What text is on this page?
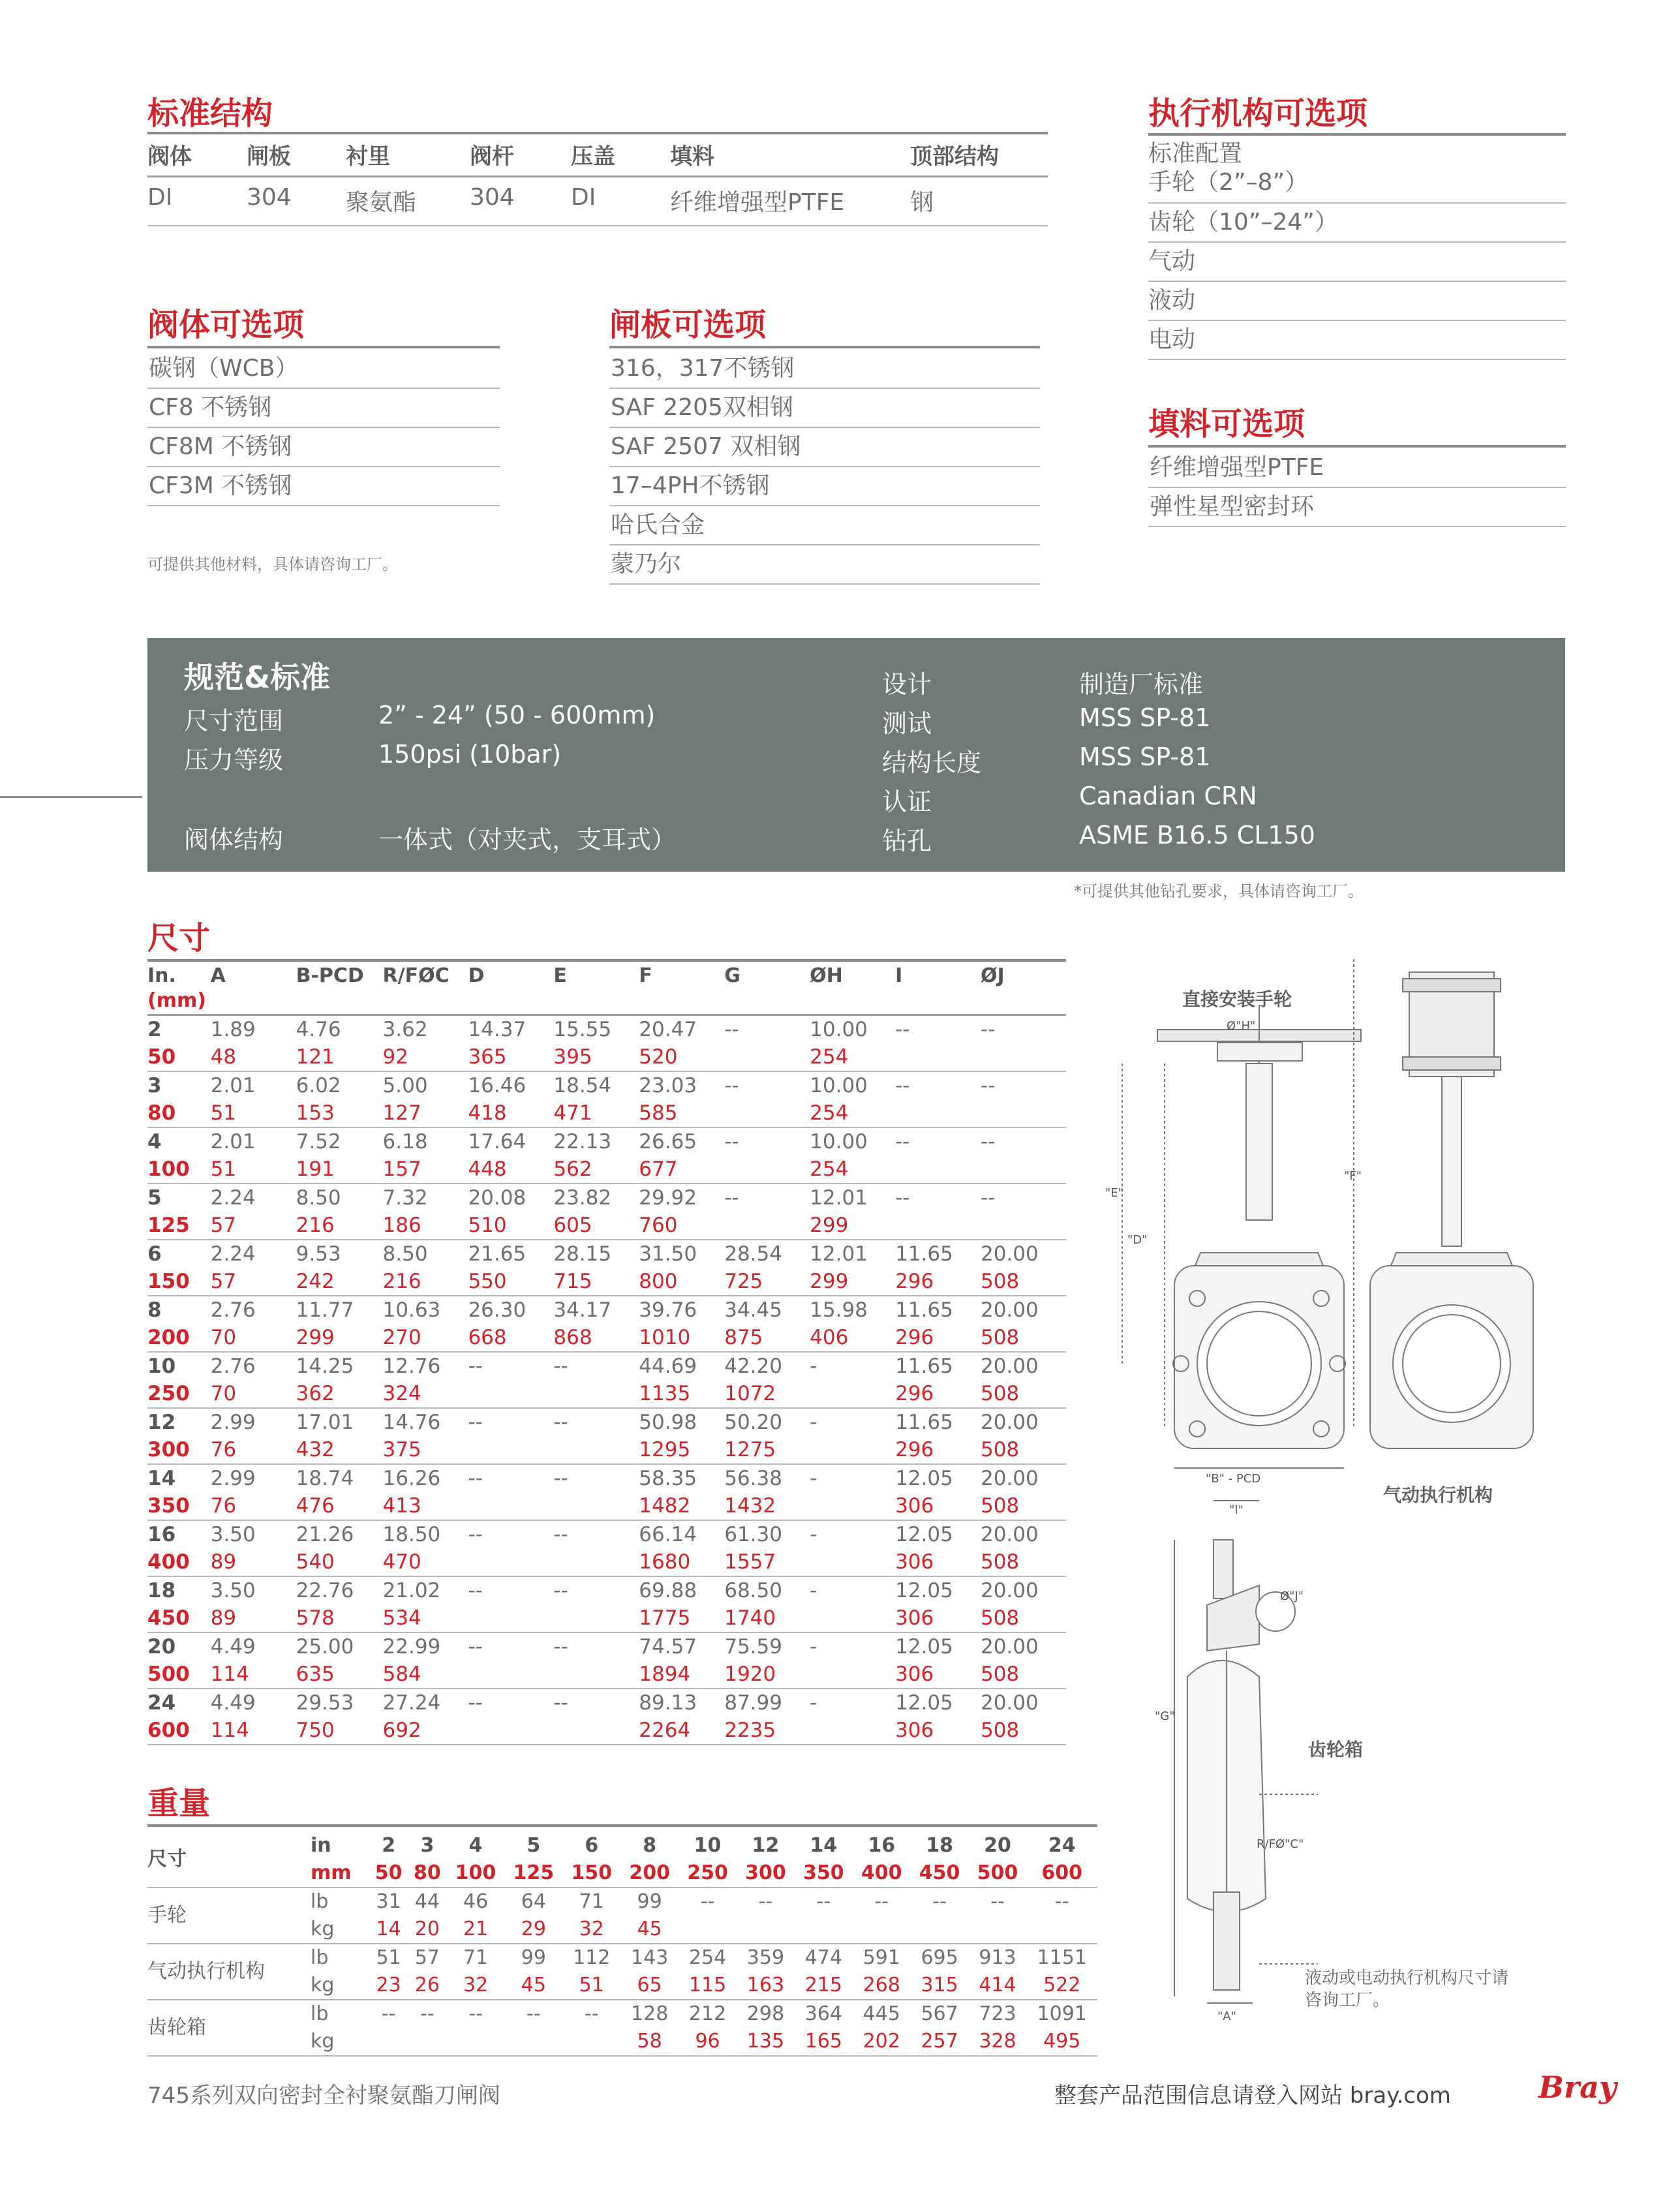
标准结构
阀体	闸板	衬里	阀杆	压盖	填料	顶部结构
DI	304	聚氨酯	304	DI	纤维增强型PTFE	钢
执行机构可选项
标准配置
手轮（2”–8”）
齿轮（10”–24”）
气动
液动
电动
填料可选项
纤维增强型PTFE
弹性星型密封环
阀体可选项
碳钢（WCB）
CF8 不锈钢
CF8M 不锈钢
CF3M 不锈钢
可提供其他材料，具体请咨询工厂。
闸板可选项
316，317不锈钢
SAF 2205双相钢
SAF 2507 双相钢
17–4PH不锈钢
哈氏合金
蒙乃尔
规范&标准
尺寸范围	2” - 24” (50 - 600mm)
压力等级	150psi (10bar)
阀体结构	一体式（对夹式，支耳式）
设计	制造厂标准
测试	MSS SP-81
结构长度	MSS SP-81
认证	Canadian CRN
钻孔	ASME B16.5 CL150
*可提供其他钻孔要求，具体请咨询工厂。
尺寸
In.	A	B-PCD	R/FØC	D	E	F	G	ØH	I	ØJ
(mm)										
2	1.89	4.76	3.62	14.37	15.55	20.47	--	10.00	--	--
50	48	121	92	365	395	520		254		
3	2.01	6.02	5.00	16.46	18.54	23.03	--	10.00	--	--
80	51	153	127	418	471	585		254		
4	2.01	7.52	6.18	17.64	22.13	26.65	--	10.00	--	--
100	51	191	157	448	562	677		254		
5	2.24	8.50	7.32	20.08	23.82	29.92	--	12.01	--	--
125	57	216	186	510	605	760		299		
6	2.24	9.53	8.50	21.65	28.15	31.50	28.54	12.01	11.65	20.00
150	57	242	216	550	715	800	725	299	296	508
8	2.76	11.77	10.63	26.30	34.17	39.76	34.45	15.98	11.65	20.00
200	70	299	270	668	868	1010	875	406	296	508
10	2.76	14.25	12.76	--	--	44.69	42.20	-	11.65	20.00
250	70	362	324			1135	1072		296	508
12	2.99	17.01	14.76	--	--	50.98	50.20	-	11.65	20.00
300	76	432	375			1295	1275		296	508
14	2.99	18.74	16.26	--	--	58.35	56.38	-	12.05	20.00
350	76	476	413			1482	1432		306	508
16	3.50	21.26	18.50	--	--	66.14	61.30	-	12.05	20.00
400	89	540	470			1680	1557		306	508
18	3.50	22.76	21.02	--	--	69.88	68.50	-	12.05	20.00
450	89	578	534			1775	1740		306	508
20	4.49	25.00	22.99	--	--	74.57	75.59	-	12.05	20.00
500	114	635	584			1894	1920		306	508
24	4.49	29.53	27.24	--	--	89.13	87.99	-	12.05	20.00
600	114	750	692			2264	2235		306	508
重量
尺寸	in	2	3	4	5	6	8	10	12	14	16	18	20	24
	mm	50	80	100	125	150	200	250	300	350	400	450	500	600
手轮	lb	31	44	46	64	71	99	--	--	--	--	--	--	--
	kg	14	20	21	29	32	45							
气动执行机构	lb	51	57	71	99	112	143	254	359	474	591	695	913	1151
	kg	23	26	32	45	51	65	115	163	215	268	315	414	522
齿轮箱	lb	--	--	--	--	--	128	212	298	364	445	567	723	1091
	kg						58	96	135	165	202	257	328	495
直接安装手轮
气动执行机构
齿轮箱
液动或电动执行机构尺寸请咨询工厂。
Ø"H"
"E"
"D"
"F"
"B" - PCD
"I"
Ø"J"
"G"
R/FØ"C"
"A"
745系列双向密封全衬聚氨酯刀闸阀	整套产品范围信息请登入网站 bray.com	Bray
